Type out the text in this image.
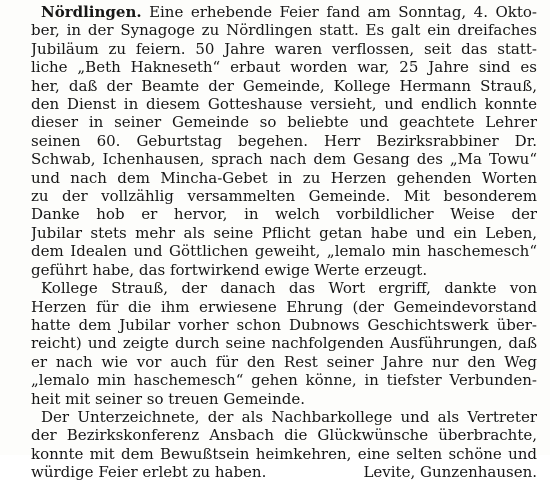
Nördlingen. Eine erhebende Feier fand am Sonntag, 4. Okto-
ber, in der Synagoge zu Nördlingen statt. Es galt ein dreifaches
Jubiläum zu feiern. 50 Jahre waren verflossen, seit das statt-
liche „Beth Hakneseth“ erbaut worden war, 25 Jahre sind es
her, daß der Beamte der Gemeinde, Kollege Hermann Strauß,
den Dienst in diesem Gotteshause versieht, und endlich konnte
dieser in seiner Gemeinde so beliebte und geachtete Lehrer
seinen 60. Geburtstag begehen. Herr Bezirksrabbiner Dr.
Schwab, Ichenhausen, sprach nach dem Gesang des „Ma Towu“
und nach dem Mincha-Gebet in zu Herzen gehenden Worten
zu der vollzählig versammelten Gemeinde. Mit besonderem
Danke hob er hervor, in welch vorbildlicher Weise der
Jubilar stets mehr als seine Pflicht getan habe und ein Leben,
dem Idealen und Göttlichen geweiht, „lemalo min haschemesch“
geführt habe, das fortwirkend ewige Werte erzeugt.
Kollege Strauß, der danach das Wort ergriff, dankte von
Herzen für die ihm erwiesene Ehrung (der Gemeindevorstand
hatte dem Jubilar vorher schon Dubnows Geschichtswerk über-
reicht) und zeigte durch seine nachfolgenden Ausführungen, daß
er nach wie vor auch für den Rest seiner Jahre nur den Weg
„lemalo min haschemesch“ gehen könne, in tiefster Verbunden-
heit mit seiner so treuen Gemeinde.
Der Unterzeichnete, der als Nachbarkollege und als Vertreter
der Bezirkskonferenz Ansbach die Glückwünsche überbrachte,
konnte mit dem Bewußtsein heimkehren, eine selten schöne und
würdige Feier erlebt zu haben.	Levite, Gunzenhausen.
